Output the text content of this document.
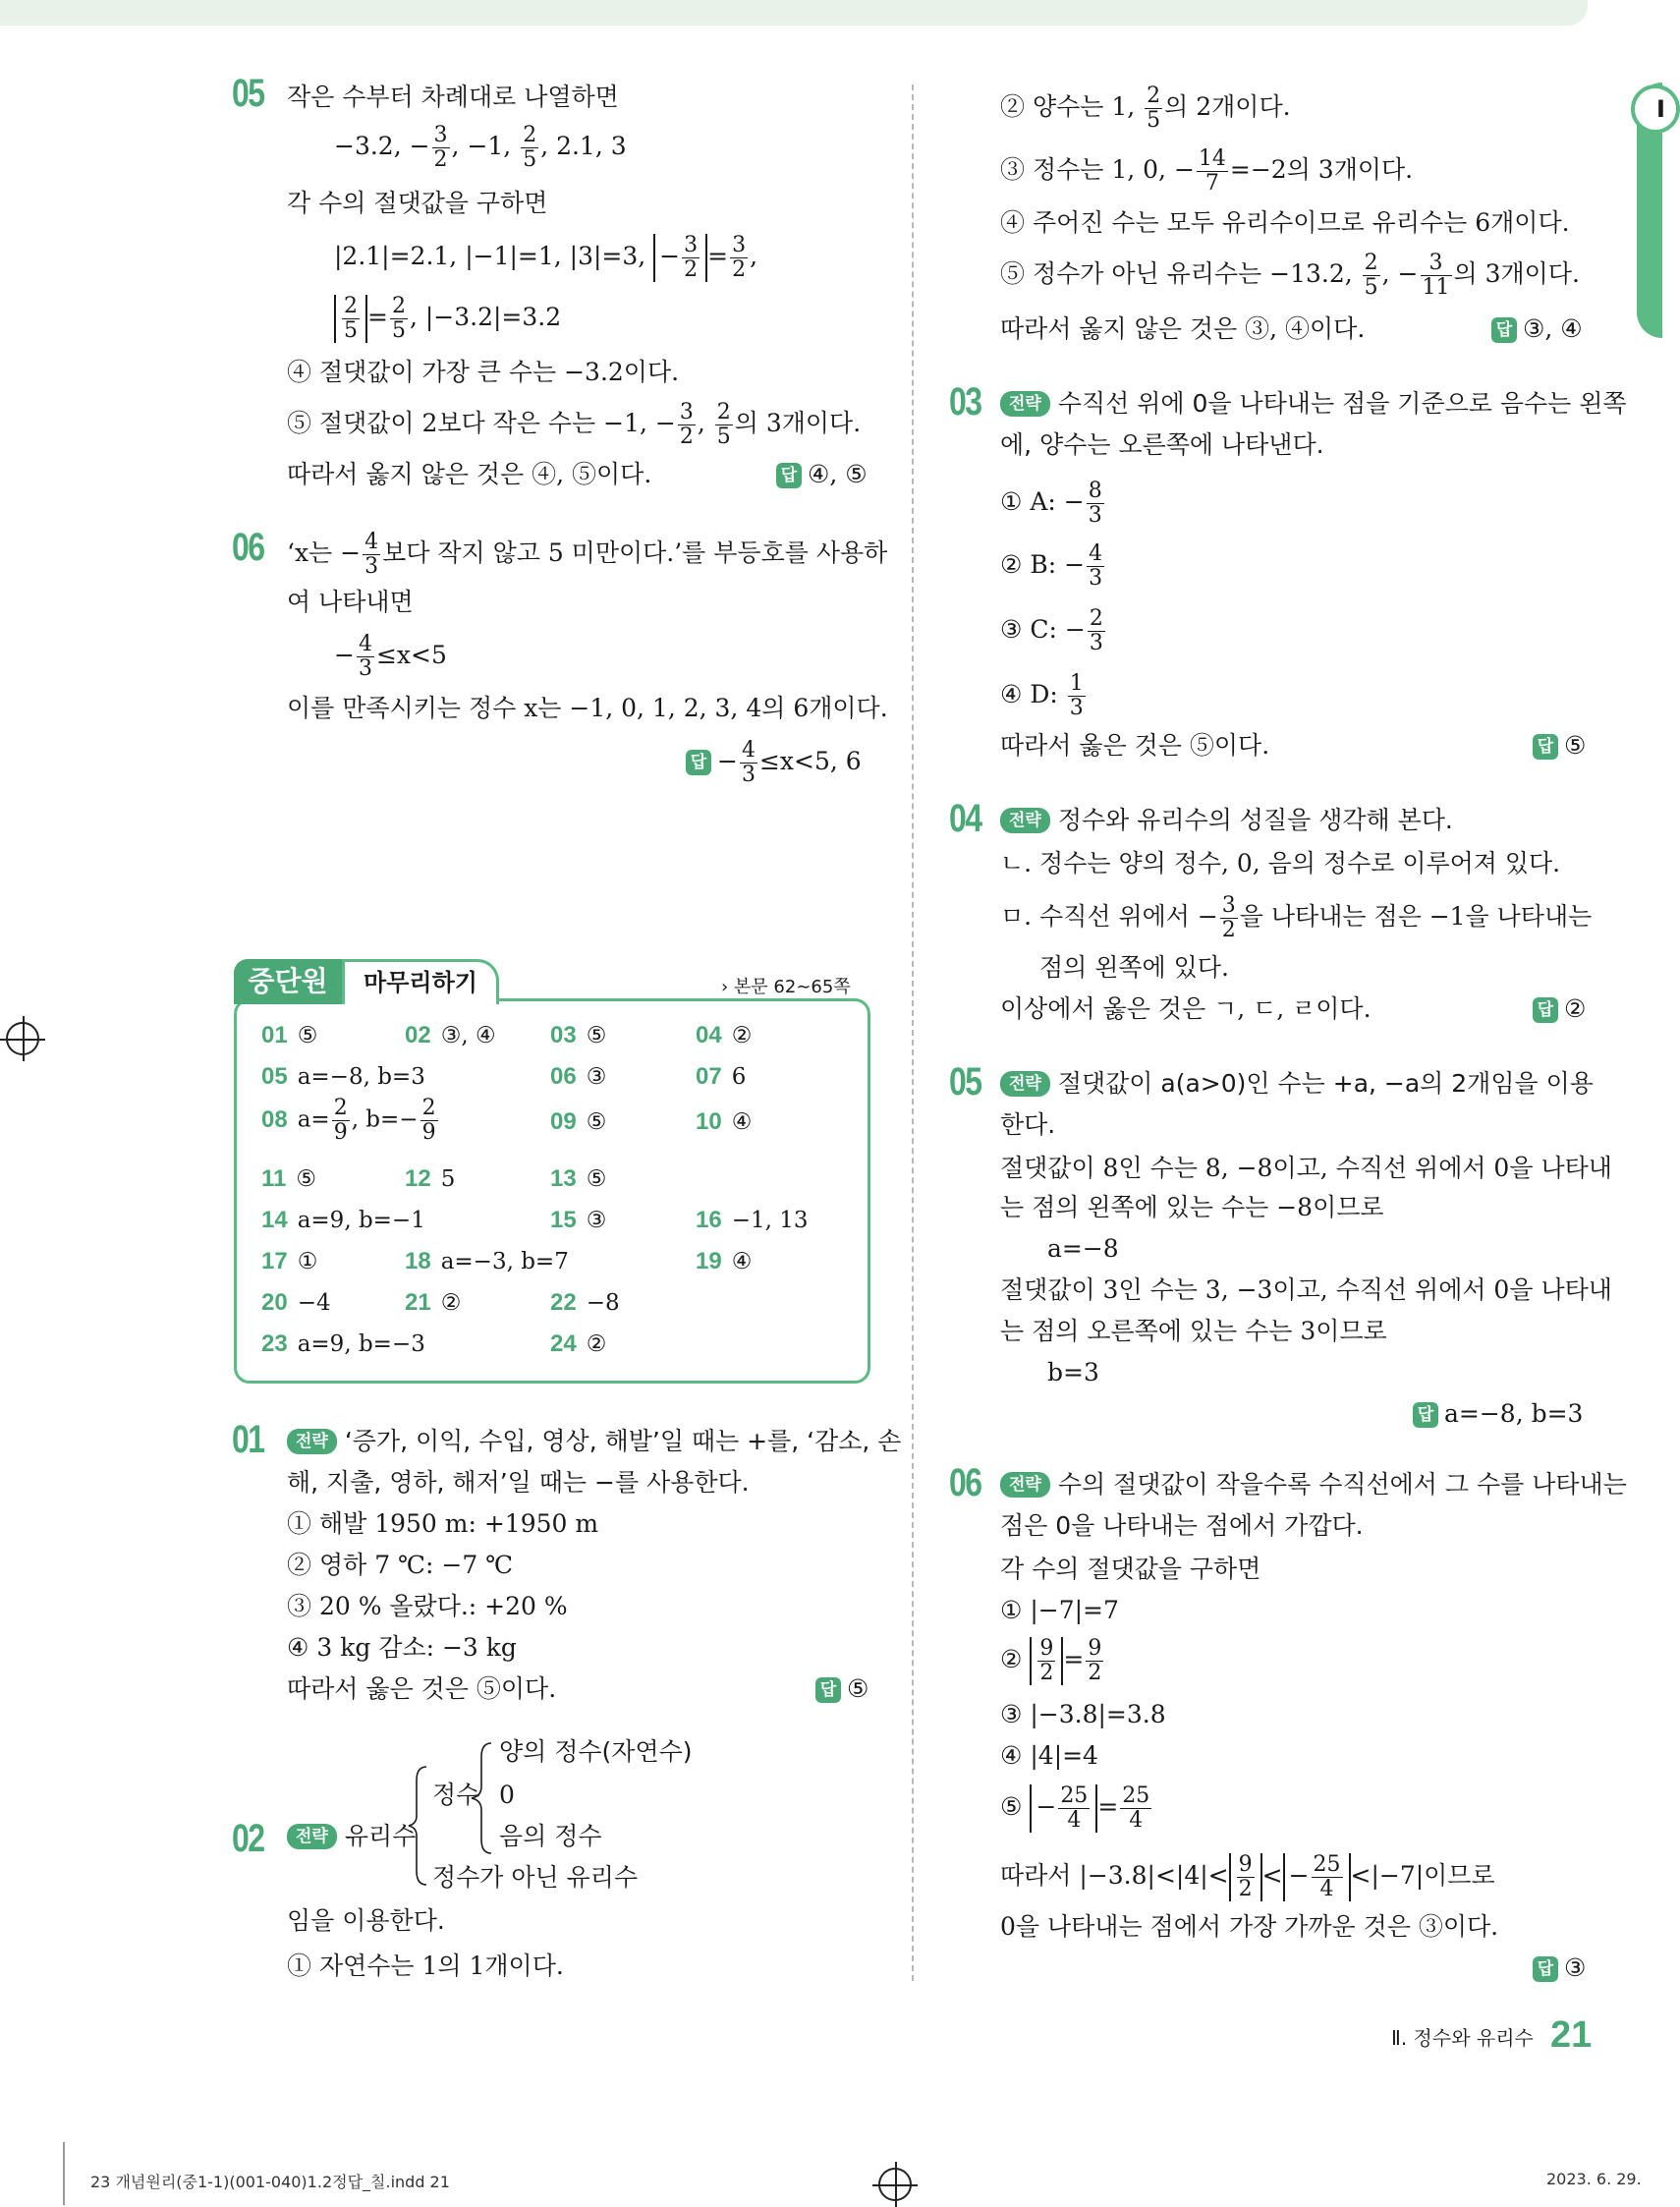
I
05 작은 수부터 차례대로 나열하면
−3.2, − $\frac{3}{2}$ , −1, $\frac{2}{5}$ , 2.1, 3
각 수의 절댓값을 구하면
|2.1|=2.1, |−1|=1, |3|=3, − $\frac{3}{2} = \frac{3}{2}$ ,
$\frac{2}{5} = \frac{2}{5}$ , |−3.2|=3.2
④ 절댓값이 가장 큰 수는 −3.2이다.
⑤ 절댓값이 2보다 작은 수는 −1, − $\frac{3}{2}$ , $\frac{2}{5}$ 의 3개이다.
따라서 옳지 않은 것은 ④, ⑤이다.	답 ④, ⑤
06 ‘x는 − $\frac{4}{3}$ 보다 작지 않고 5 미만이다.’를 부등호를 사용하
여 나타내면
− $\frac{4}{3} \le x<5$
이를 만족시키는 정수 x는 −1, 0, 1, 2, 3, 4의 6개이다.
답 − $\frac{4}{3} \le x<5$, 6
중단원	마무리하기	› 본문 62∼65쪽
01 ⑤	02 ③, ④ 03 ⑤	04 ②
05 a=−8, b=3	06 ③	07 6
08 $a= \frac{2}{9}$ , $b=- \frac{2}{9}$	09 ⑤	10 ④
11 ⑤	12 5	13 ⑤
14 a=9, b=−1	15 ③	16 −1, 13
17 ①	18 a=−3, b=7	19 ④
20 −4	21 ②	22 −8
23 a=9, b=−3	24 ②
01	전략 ‘증가, 이익, 수입, 영상, 해발’일 때는 +를, ‘감소, 손
해, 지출, 영하, 해저’일 때는 −를 사용한다.
① 해발 1950 m: +1950 m
② 영하 7 ℃: −7 ℃
③ 20 % 올랐다.: +20 %
④ 3 kg 감소: −3 kg
따라서 옳은 것은 ⑤이다.	답 ⑤
양의 정수(자연수)
정수 0
음의 정수
정수가 아닌 유리수
02	전략 유리수
임을 이용한다.
① 자연수는 1의 1개이다.
② 양수는 1, $\frac{2}{5}$ 의 2개이다.
③ 정수는 1, 0, − $\frac{14}{7} =-2$의 3개이다.
④ 주어진 수는 모두 유리수이므로 유리수는 6개이다.
⑤ 정수가 아닌 유리수는 −13.2, $\frac{2}{5}$ , − $\frac{3}{11}$ 의 3개이다.
따라서 옳지 않은 것은 ③, ④이다.	답 ③, ④
03	전략 수직선 위에 0을 나타내는 점을 기준으로 음수는 왼쪽
에, 양수는 오른쪽에 나타낸다.
① A: − $\frac{8}{3}$
② B: − $\frac{4}{3}$
③ C: − $\frac{2}{3}$
④ D: $\frac{1}{3}$
따라서 옳은 것은 ⑤이다.	답 ⑤
04	전략 정수와 유리수의 성질을 생각해 본다.
ㄴ. 정수는 양의 정수, 0, 음의 정수로 이루어져 있다.
ㅁ. 수직선 위에서 − $\frac{3}{2}$ 을 나타내는 점은 −1을 나타내는
점의 왼쪽에 있다.
이상에서 옳은 것은 ㄱ, ㄷ, ㄹ이다.	답 ②
05	전략 절댓값이 a(a>0)인 수는 +a, −a의 2개임을 이용
한다.
절댓값이 8인 수는 8, −8이고, 수직선 위에서 0을 나타내
는 점의 왼쪽에 있는 수는 −8이므로
a=−8
절댓값이 3인 수는 3, −3이고, 수직선 위에서 0을 나타내
는 점의 오른쪽에 있는 수는 3이므로
b=3
답 a=−8, b=3
06	전략 수의 절댓값이 작을수록 수직선에서 그 수를 나타내는
점은 0을 나타내는 점에서 가깝다.
각 수의 절댓값을 구하면
① |−7|=7
② $\frac{9}{2} = \frac{9}{2}$
③ |−3.8|=3.8
④ |4|=4
⑤ − $\frac{25}{4} = \frac{25}{4}$
따라서 $|-3.8|<|4|< \frac{9}{2}$ < − $\frac{25}{4} <|-7|$이므로
0을 나타내는 점에서 가장 가까운 것은 ③이다.
답 ③
Ⅱ. 정수와 유리수 21
23 개념원리(중1-1)(001-040)1.2정답_칠.indd 21	2023. 6. 29.
